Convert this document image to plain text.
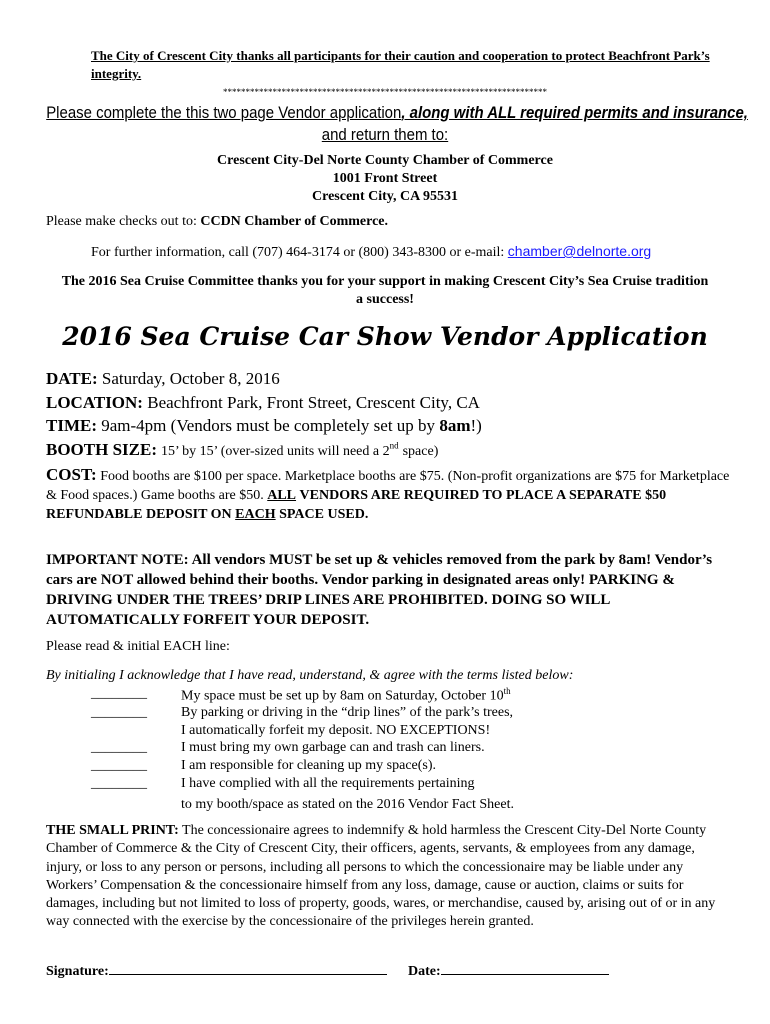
The City of Crescent City thanks all participants for their caution and cooperation to protect Beachfront Park’s integrity.
************************************************************************
Please complete the this two page Vendor application, along with ALL required permits and insurance,
and return them to:
Crescent City-Del Norte County Chamber of Commerce
1001 Front Street
Crescent City, CA 95531
Please make checks out to: CCDN Chamber of Commerce.
For further information, call (707) 464-3174 or (800) 343-8300 or e-mail: chamber@delnorte.org
The 2016 Sea Cruise Committee thanks you for your support in making Crescent City’s Sea Cruise tradition a success!
2016 Sea Cruise Car Show Vendor Application
DATE: Saturday, October 8, 2016
LOCATION: Beachfront Park, Front Street, Crescent City, CA
TIME: 9am-4pm (Vendors must be completely set up by 8am!)
BOOTH SIZE: 15’ by 15’ (over-sized units will need a 2nd space)
COST: Food booths are $100 per space. Marketplace booths are $75. (Non-profit organizations are $75 for Marketplace & Food spaces.) Game booths are $50. ALL VENDORS ARE REQUIRED TO PLACE A SEPARATE $50 REFUNDABLE DEPOSIT ON EACH SPACE USED.
IMPORTANT NOTE: All vendors MUST be set up & vehicles removed from the park by 8am! Vendor’s cars are NOT allowed behind their booths. Vendor parking in designated areas only! PARKING & DRIVING UNDER THE TREES’ DRIP LINES ARE PROHIBITED. DOING SO WILL AUTOMATICALLY FORFEIT YOUR DEPOSIT.
Please read & initial EACH line:
By initialing I acknowledge that I have read, understand, & agree with the terms listed below:
________ My space must be set up by 8am on Saturday, October 10th
________ By parking or driving in the “drip lines” of the park’s trees,
I automatically forfeit my deposit. NO EXCEPTIONS!
________ I must bring my own garbage can and trash can liners.
________ I am responsible for cleaning up my space(s).
________ I have complied with all the requirements pertaining
to my booth/space as stated on the 2016 Vendor Fact Sheet.
THE SMALL PRINT: The concessionaire agrees to indemnify & hold harmless the Crescent City-Del Norte County Chamber of Commerce & the City of Crescent City, their officers, agents, servants, & employees from any damage, injury, or loss to any person or persons, including all persons to which the concessionaire may be liable under any Workers’ Compensation & the concessionaire himself from any loss, damage, cause or auction, claims or suits for damages, including but not limited to loss of property, goods, wares, or merchandise, caused by, arising out of or in any way connected with the exercise by the concessionaire of the privileges herein granted.
Signature:	Date:
